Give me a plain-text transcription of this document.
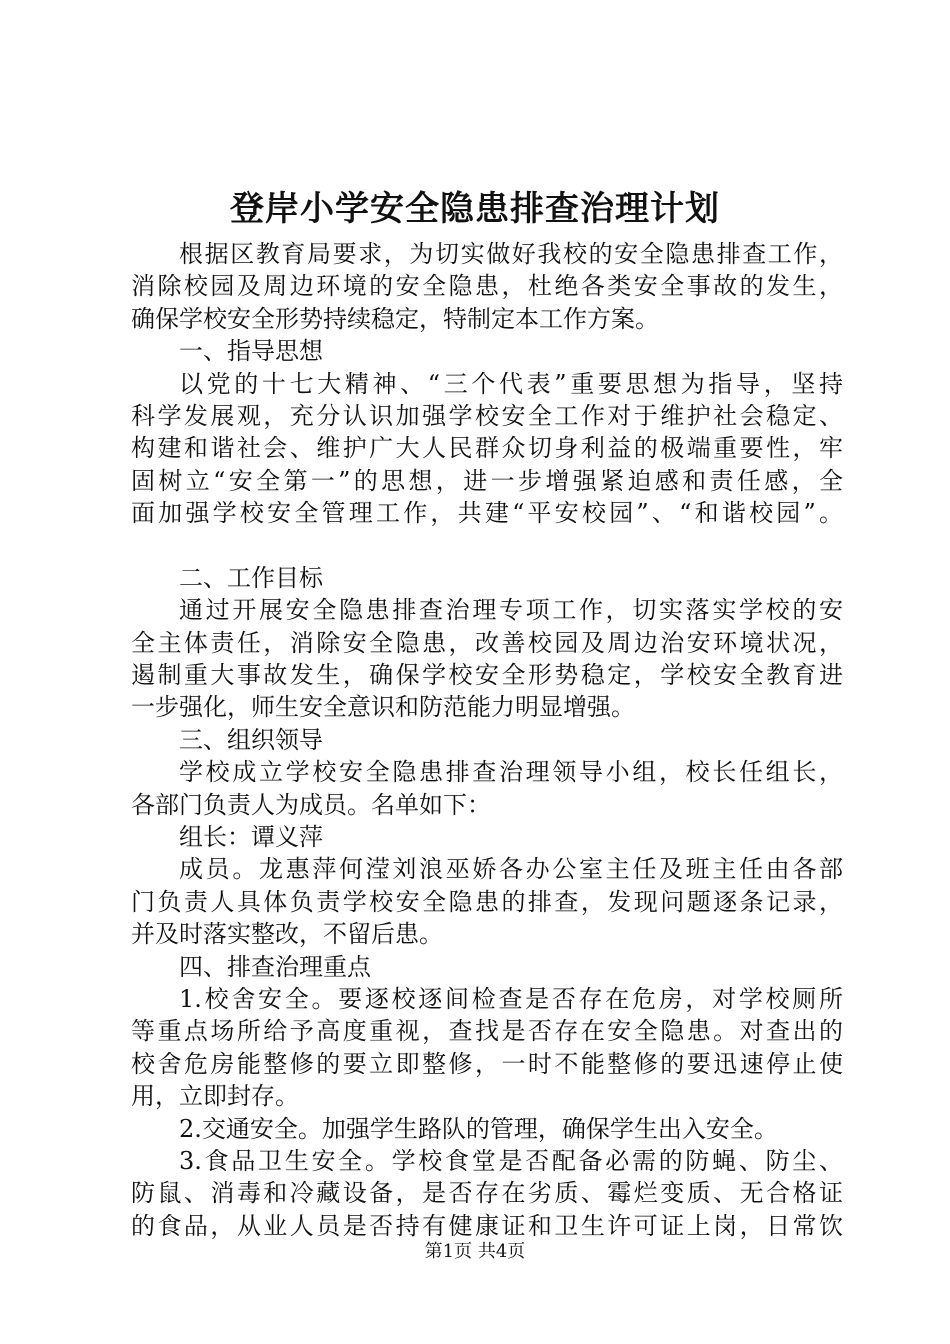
登岸小学安全隐患排查治理计划
根据区教育局要求，为切实做好我校的安全隐患排查工作，
消除校园及周边环境的安全隐患，杜绝各类安全事故的发生，
确保学校安全形势持续稳定，特制定本工作方案。
一、指导思想
以党的十七大精神、“三个代表”重要思想为指导，坚持
科学发展观，充分认识加强学校安全工作对于维护社会稳定、
构建和谐社会、维护广大人民群众切身利益的极端重要性，牢
固树立“安全第一”的思想，进一步增强紧迫感和责任感，全
面加强学校安全管理工作，共建“平安校园”、“和谐校园”。
二、工作目标
通过开展安全隐患排查治理专项工作，切实落实学校的安
全主体责任，消除安全隐患，改善校园及周边治安环境状况，
遏制重大事故发生，确保学校安全形势稳定，学校安全教育进
一步强化，师生安全意识和防范能力明显增强。
三、组织领导
学校成立学校安全隐患排查治理领导小组，校长任组长，
各部门负责人为成员。名单如下：
组长：谭义萍
成员。龙惠萍何滢刘浪巫娇各办公室主任及班主任由各部
门负责人具体负责学校安全隐患的排查，发现问题逐条记录，
并及时落实整改，不留后患。
四、排查治理重点
1.校舍安全。要逐校逐间检查是否存在危房，对学校厕所
等重点场所给予高度重视，查找是否存在安全隐患。对查出的
校舍危房能整修的要立即整修，一时不能整修的要迅速停止使
用，立即封存。
2.交通安全。加强学生路队的管理，确保学生出入安全。
3.食品卫生安全。学校食堂是否配备必需的防蝇、防尘、
防鼠、消毒和冷藏设备，是否存在劣质、霉烂变质、无合格证
的食品，从业人员是否持有健康证和卫生许可证上岗，日常饮
第1页 共4页
